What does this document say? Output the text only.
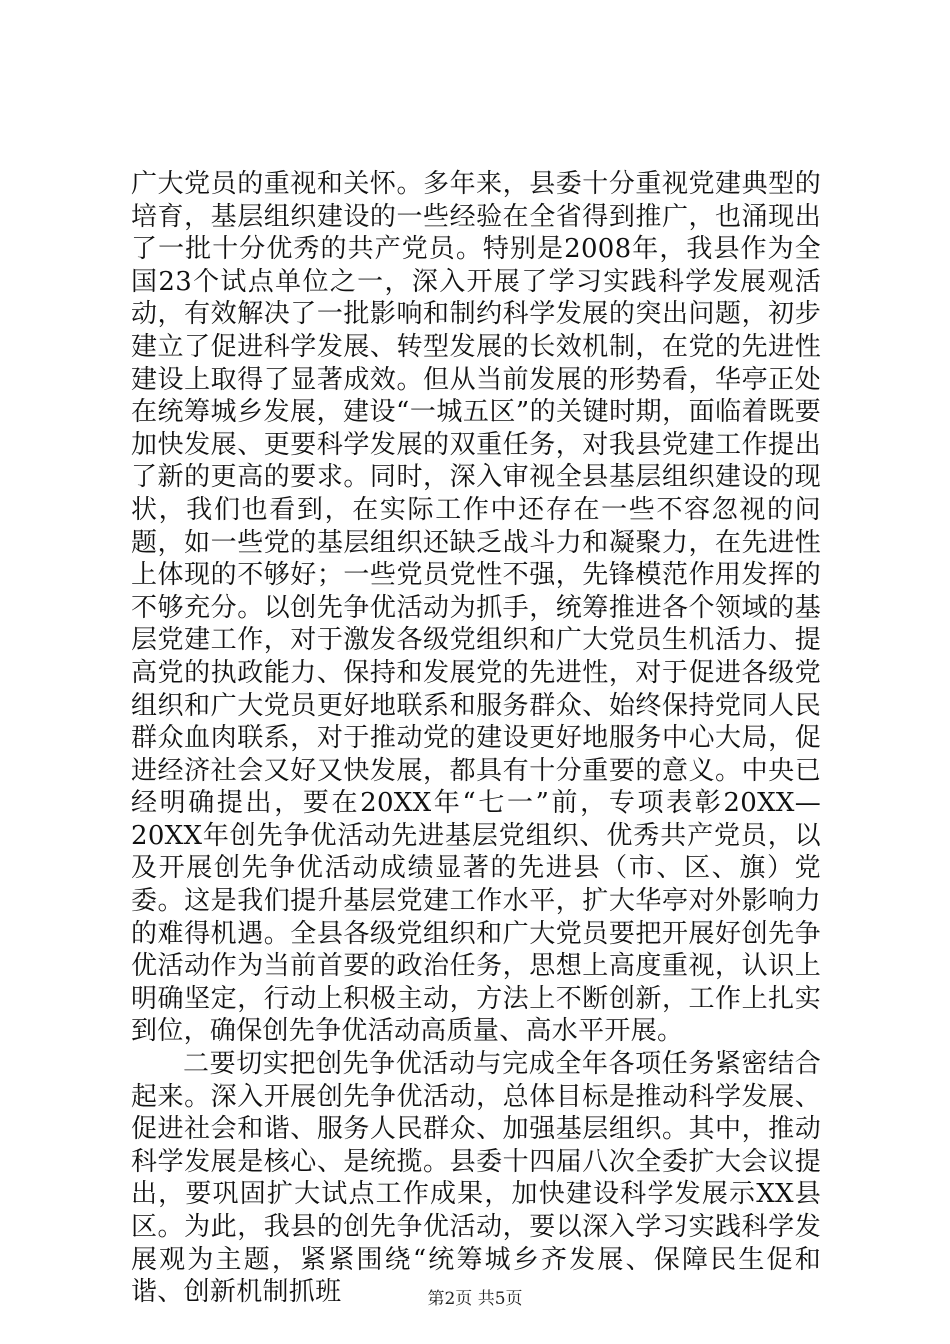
广大党员的重视和关怀。多年来，县委十分重视党建典型的培育，基层组织建设的一些经验在全省得到推广，也涌现出了一批十分优秀的共产党员。特别是2008年，我县作为全国23个试点单位之一，深入开展了学习实践科学发展观活动，有效解决了一批影响和制约科学发展的突出问题，初步建立了促进科学发展、转型发展的长效机制，在党的先进性建设上取得了显著成效。但从当前发展的形势看，华亭正处在统筹城乡发展，建设“一城五区”的关键时期，面临着既要加快发展、更要科学发展的双重任务，对我县党建工作提出了新的更高的要求。同时，深入审视全县基层组织建设的现状，我们也看到，在实际工作中还存在一些不容忽视的问题，如一些党的基层组织还缺乏战斗力和凝聚力，在先进性上体现的不够好；一些党员党性不强，先锋模范作用发挥的不够充分。以创先争优活动为抓手，统筹推进各个领域的基层党建工作，对于激发各级党组织和广大党员生机活力、提高党的执政能力、保持和发展党的先进性，对于促进各级党组织和广大党员更好地联系和服务群众、始终保持党同人民群众血肉联系，对于推动党的建设更好地服务中心大局，促进经济社会又好又快发展，都具有十分重要的意义。中央已经明确提出，要在20XX年“七一”前，专项表彰20XX—20XX年创先争优活动先进基层党组织、优秀共产党员，以及开展创先争优活动成绩显著的先进县（市、区、旗）党委。这是我们提升基层党建工作水平，扩大华亭对外影响力的难得机遇。全县各级党组织和广大党员要把开展好创先争优活动作为当前首要的政治任务，思想上高度重视，认识上明确坚定，行动上积极主动，方法上不断创新，工作上扎实到位，确保创先争优活动高质量、高水平开展。

二要切实把创先争优活动与完成全年各项任务紧密结合起来。深入开展创先争优活动，总体目标是推动科学发展、促进社会和谐、服务人民群众、加强基层组织。其中，推动科学发展是核心、是统揽。县委十四届八次全委扩大会议提出，要巩固扩大试点工作成果，加快建设科学发展示XX县区。为此，我县的创先争优活动，要以深入学习实践科学发展观为主题，紧紧围绕“统筹城乡齐发展、保障民生促和谐、创新机制抓班	第2页 共5页
